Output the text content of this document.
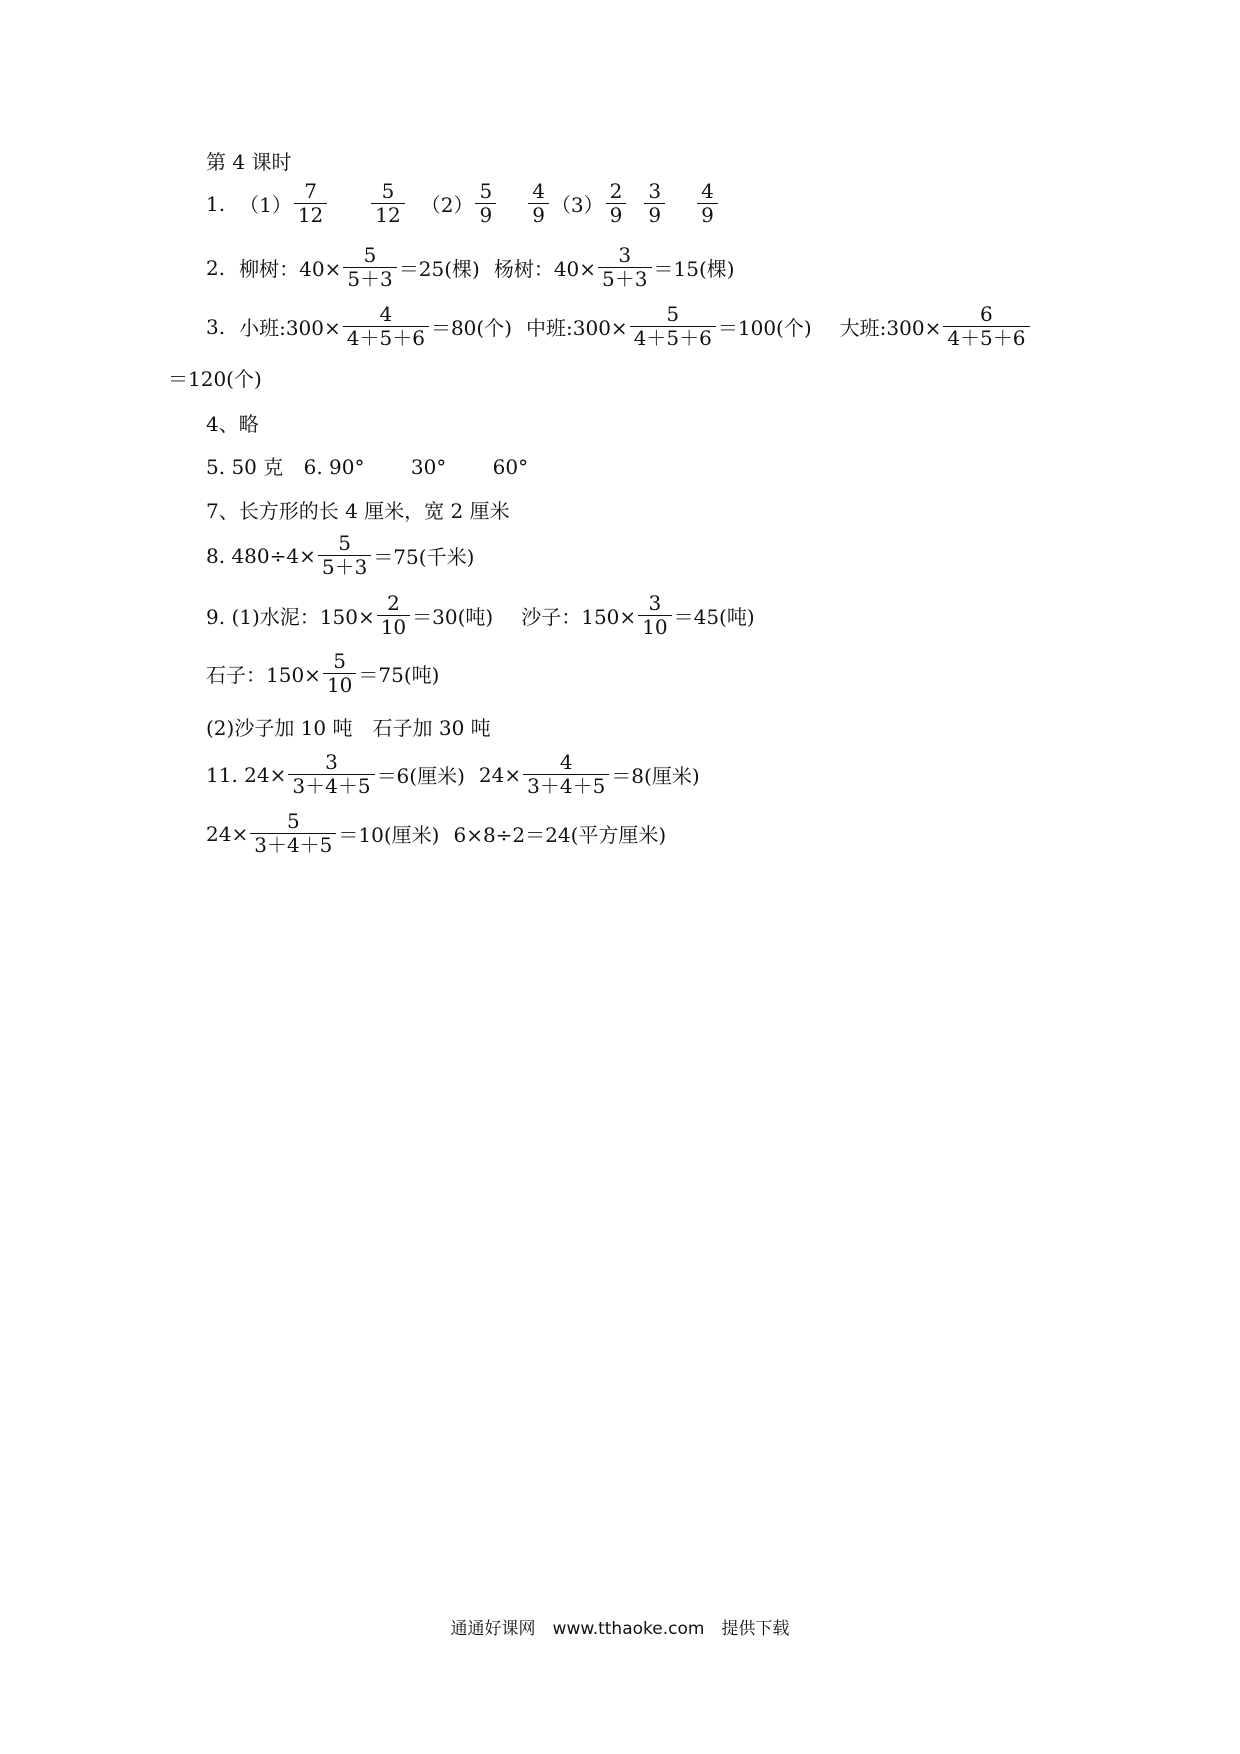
第 4 课时
1. $(1) \frac{7}{12} \frac{5}{12} (2) \frac{5}{9} \frac{4}{9} (3) \frac{2}{9} \frac{3}{9} \frac{4}{9}$
2. 柳树：$40\times \frac{5}{5+3} =25$(棵) 杨树：$40\times \frac{3}{5+3} =15$(棵)
3. 小班:300× $\frac{4}{4+5+6} =80$(个) 中班:300× $\frac{5}{4+5+6} =100$(个) 大班:300× $\frac{6}{4+5+6}$
＝120(个)
4、略
5. 50 克 6. 90° 30° 60°
7、长方形的长 4 厘米，宽 2 厘米
8. $480\div 4\times \frac{5}{5+3} =75$(千米)
9. (1)水泥：$150\times \frac{2}{10} =30$(吨) 沙子：$150\times \frac{3}{10} =45$(吨)
石子：$150\times \frac{5}{10} =75$(吨)
(2)沙子加 10 吨　石子加 30 吨
11. $24\times \frac{3}{3+4+5} =6$(厘米) $24\times \frac{4}{3+4+5} =8$(厘米)
$24\times \frac{5}{3+4+5} =10$(厘米) 6×8÷2＝24(平方厘米)
通通好课网　www.tthaoke.com　提供下载
